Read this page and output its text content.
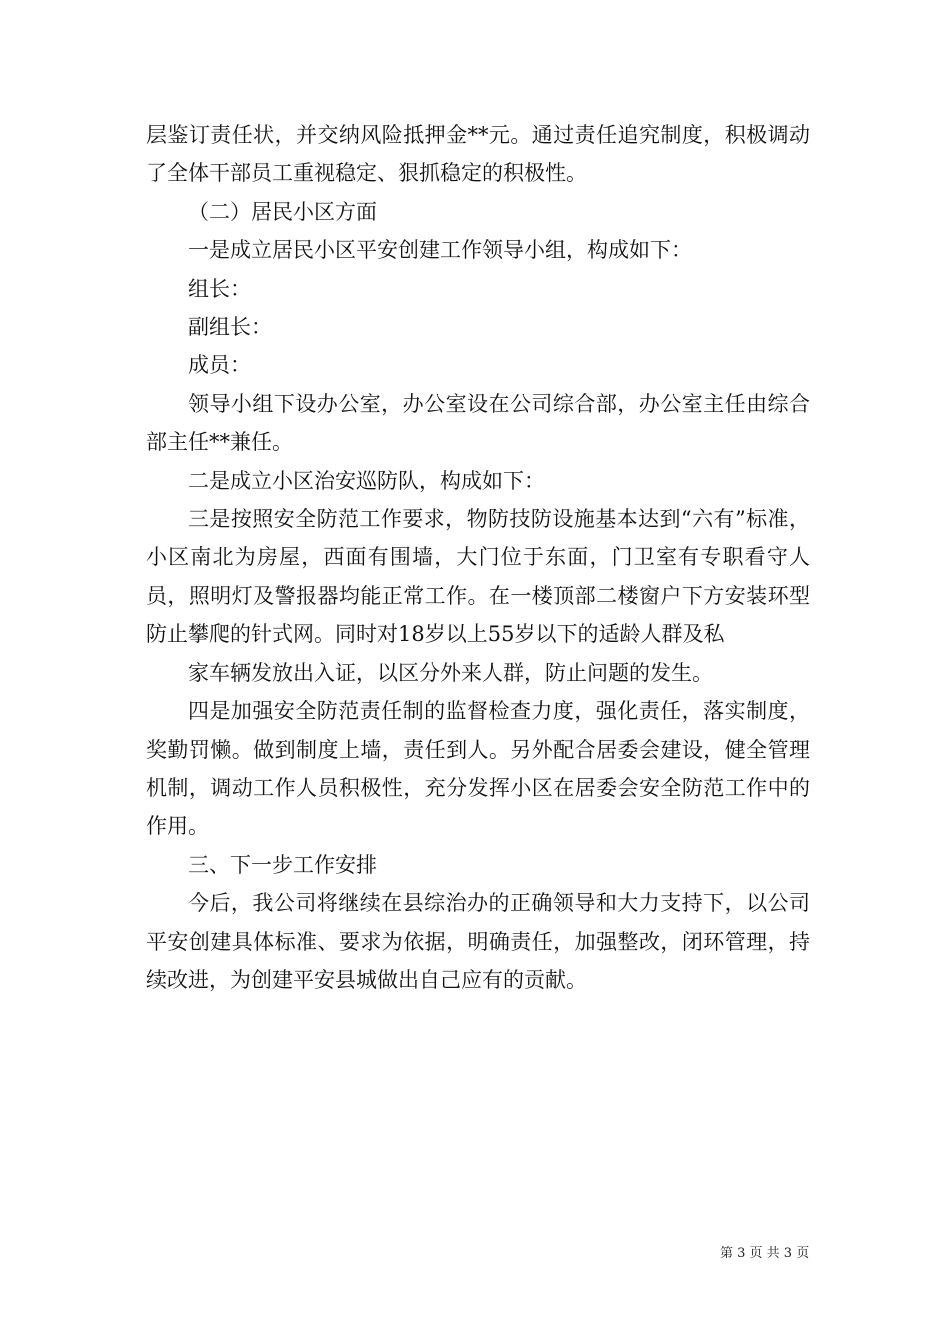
层鉴订责任状，并交纳风险抵押金**元。通过责任追究制度，积极调动了全体干部员工重视稳定、狠抓稳定的积极性。

（二）居民小区方面

一是成立居民小区平安创建工作领导小组，构成如下：

组长：

副组长：

成员：

领导小组下设办公室，办公室设在公司综合部，办公室主任由综合部主任**兼任。

二是成立小区治安巡防队，构成如下：

三是按照安全防范工作要求，物防技防设施基本达到“六有”标准，小区南北为房屋，西面有围墙，大门位于东面，门卫室有专职看守人员，照明灯及警报器均能正常工作。在一楼顶部二楼窗户下方安装环型防止攀爬的针式网。同时对18岁以上55岁以下的适龄人群及私

家车辆发放出入证，以区分外来人群，防止问题的发生。

四是加强安全防范责任制的监督检查力度，强化责任，落实制度，奖勤罚懒。做到制度上墙，责任到人。另外配合居委会建设，健全管理机制，调动工作人员积极性，充分发挥小区在居委会安全防范工作中的作用。

三、下一步工作安排

今后，我公司将继续在县综治办的正确领导和大力支持下，以公司平安创建具体标准、要求为依据，明确责任，加强整改，闭环管理，持续改进，为创建平安县城做出自己应有的贡献。

第 3 页 共 3 页
